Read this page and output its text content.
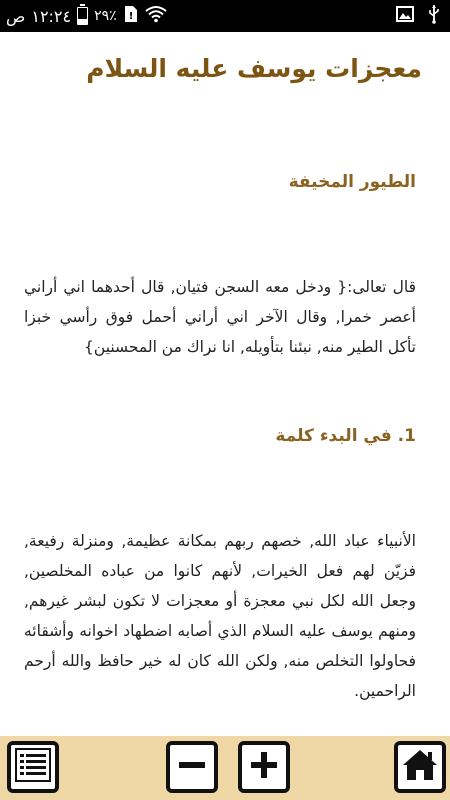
ص ١٢:٢٤ ٢٩٪ !
معجزات يوسف عليه السلام
الطيور المخيفة

قال تعالى:{ ودخل معه السجن فتيان, قال أحدهما اني أراني أعصر خمرا, وقال الآخر اني أراني أحمل فوق رأسي خبزا تأكل الطير منه, نبئنا بتأويله, انا نراك من المحسنين}

1. في البدء كلمة

الأنبياء عباد الله, خصهم ربهم بمكانة عظيمة, ومنزلة رفيعة, فزيّن لهم فعل الخيرات, لأنهم كانوا من عباده المخلصين, وجعل الله لكل نبي معجزة أو معجزات لا تكون لبشر غيرهم, ومنهم يوسف عليه السلام الذي أصابه اضطهاد اخوانه وأشقائه فحاولوا التخلص منه, ولكن الله كان له خير حافظ والله أرحم الراحمين.
